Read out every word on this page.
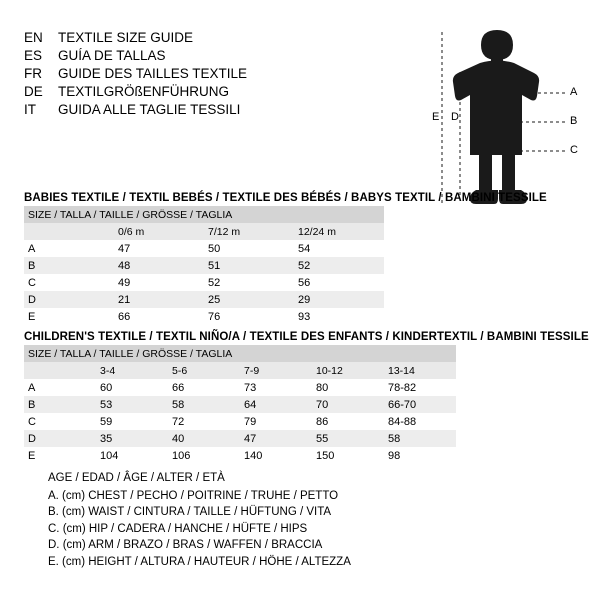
EN	TEXTILE SIZE GUIDE
ES	GUÍA DE TALLAS
FR	GUIDE DES TAILLES TEXTILE
DE	TEXTILGRÖßENFÜHRUNG
IT	GUIDA ALLE TAGLIE TESSILI
A
B
C
E D
BABIES TEXTILE / TEXTIL BEBÉS / TEXTILE DES BÉBÉS / BABYS TEXTIL / BAMBINI TESSILE
SIZE / TALLA / TAILLE / GRÖSSE / TAGLIA			
	0/6 m	7/12 m	12/24 m
A	47	50	54
B	48	51	52
C	49	52	56
D	21	25	29
E	66	76	93
CHILDREN'S TEXTILE / TEXTIL NIÑO/A / TEXTILE DES ENFANTS / KINDERTEXTIL / BAMBINI TESSILE
SIZE / TALLA / TAILLE / GRÖSSE / TAGLIA					
	3-4	5-6	7-9	10-12	13-14
A	60	66	73	80	78-82
B	53	58	64	70	66-70
C	59	72	79	86	84-88
D	35	40	47	55	58
E	104	106	140	150	98
AGE / EDAD / ÂGE / ALTER / ETÀ
A. (cm) CHEST / PECHO / POITRINE / TRUHE / PETTO
B. (cm) WAIST / CINTURA / TAILLE / HÜFTUNG / VITA
C. (cm) HIP / CADERA / HANCHE / HÜFTE / HIPS
D. (cm) ARM / BRAZO / BRAS / WAFFEN / BRACCIA
E. (cm) HEIGHT / ALTURA / HAUTEUR / HÖHE / ALTEZZA
